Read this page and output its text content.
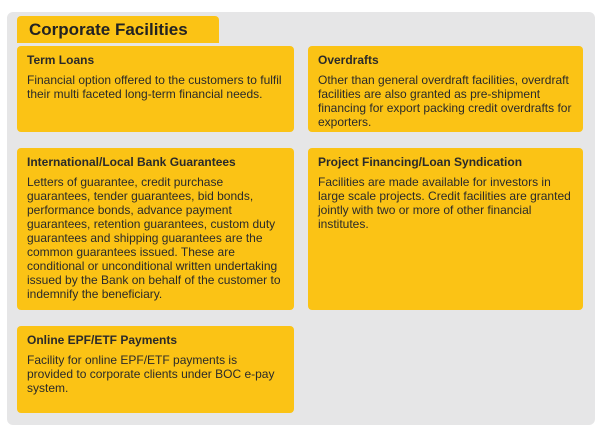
Corporate Facilities
Term Loans

Financial option offered to the customers to fulfil their multi faceted long-term financial needs.

Overdrafts

Other than general overdraft facilities, overdraft facilities are also granted as pre-shipment financing for export packing credit overdrafts for exporters.

International/Local Bank Guarantees

Letters of guarantee, credit purchase guarantees, tender guarantees, bid bonds, performance bonds, advance payment guarantees, retention guarantees, custom duty guarantees and shipping guarantees are the common guarantees issued. These are conditional or unconditional written undertaking issued by the Bank on behalf of the customer to indemnify the beneficiary.

Project Financing/Loan Syndication

Facilities are made available for investors in large scale projects. Credit facilities are granted jointly with two or more of other financial institutes.

Online EPF/ETF Payments

Facility for online EPF/ETF payments is provided to corporate clients under BOC e-pay system.
